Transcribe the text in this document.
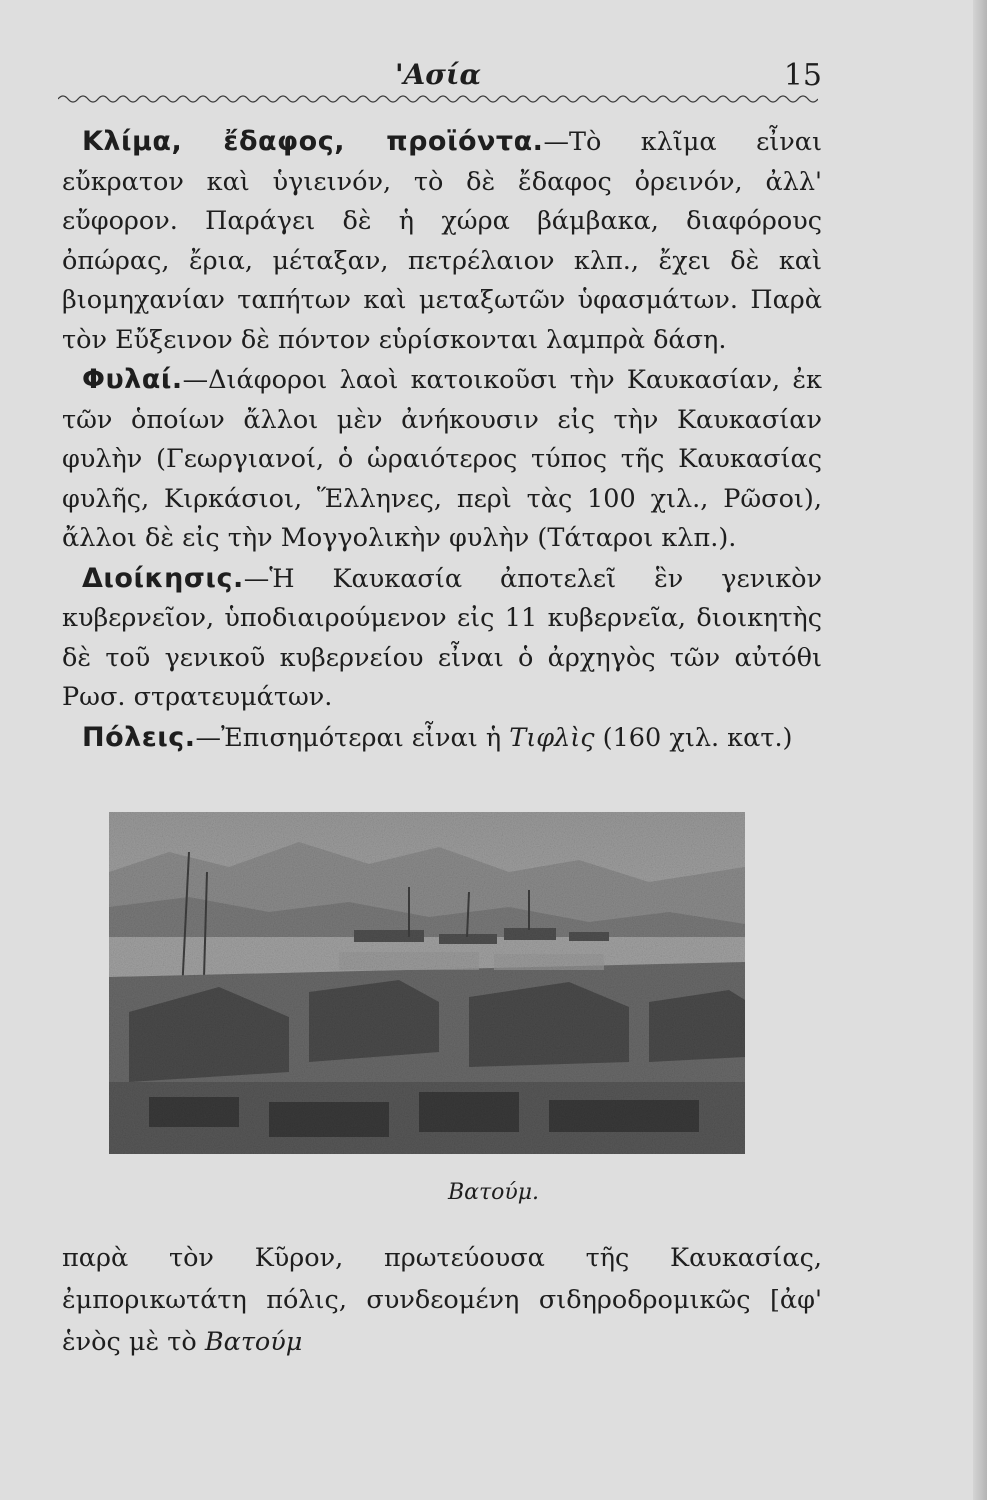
'Ασία	15

Κλίμα, ἔδαφος, προϊόντα.—Τὸ κλῖμα εἶναι εὔκρατον καὶ ὑγιεινόν, τὸ δὲ ἔδαφος ὀρεινόν, ἀλλ' εὔφορον. Παράγει δὲ ἡ χώρα βάμβακα, διαφόρους ὀπώρας, ἔρια, μέταξαν, πετρέλαιον κλπ., ἔχει δὲ καὶ βιομηχανίαν ταπήτων καὶ μεταξωτῶν ὑφασμάτων. Παρὰ τὸν Εὔξεινον δὲ πόντον εὑρίσκονται λαμπρὰ δάση.

Φυλαί.—Διάφοροι λαοὶ κατοικοῦσι τὴν Καυκασίαν, ἐκ τῶν ὁποίων ἄλλοι μὲν ἀνήκουσιν εἰς τὴν Καυκασίαν φυλὴν (Γεωργιανοί, ὁ ὡραιότερος τύπος τῆς Καυκασίας φυλῆς, Κιρκάσιοι, Ἕλληνες, περὶ τὰς 100 χιλ., Ρῶσοι), ἄλλοι δὲ εἰς τὴν Μογγολικὴν φυλὴν (Τάταροι κλπ.).

Διοίκησις.—Ἡ Καυκασία ἀποτελεῖ ἓν γενικὸν κυβερνεῖον, ὑποδιαιρούμενον εἰς 11 κυβερνεῖα, διοικητὴς δὲ τοῦ γενικοῦ κυβερνείου εἶναι ὁ ἀρχηγὸς τῶν αὐτόθι Ρωσ. στρατευμάτων.

Πόλεις.—Ἐπισημότεραι εἶναι ἡ Τιφλὶς (160 χιλ. κατ.)

Βατούμ.

παρὰ τὸν Κῦρον, πρωτεύουσα τῆς Καυκασίας, ἐμπορικωτάτη πόλις, συνδεομένη σιδηροδρομικῶς [ἀφ' ἑνὸς μὲ τὸ Βατούμ
